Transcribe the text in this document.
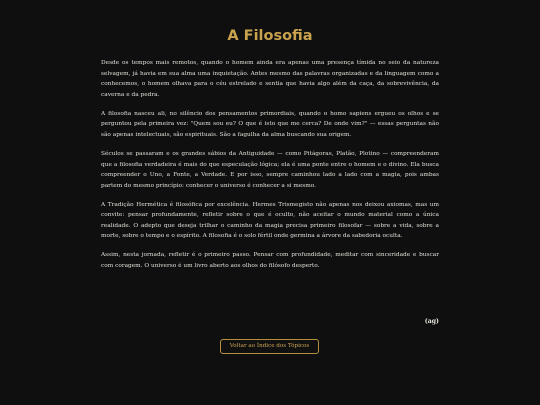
A Filosofia

Desde os tempos mais remotos, quando o homem ainda era apenas uma presença tímida no seio da natureza selvagem, já havia em sua alma uma inquietação. Antes mesmo das palavras organizadas e da linguagem como a conhecemos, o homem olhava para o céu estrelado e sentia que havia algo além da caça, da sobrevivência, da caverna e da pedra.

A filosofia nasceu ali, no silêncio dos pensamentos primordiais, quando o homo sapiens ergueu os olhos e se perguntou pela primeira vez: "Quem sou eu? O que é isto que me cerca? De onde vim?" — essas perguntas não são apenas intelectuais, são espirituais. São a fagulha da alma buscando sua origem.

Séculos se passaram e os grandes sábios da Antiguidade — como Pitágoras, Platão, Plotino — compreenderam que a filosofia verdadeira é mais do que especulação lógica; ela é uma ponte entre o homem e o divino. Ela busca compreender o Uno, a Fonte, a Verdade. E por isso, sempre caminhou lado a lado com a magia, pois ambas partem do mesmo princípio: conhecer o universo é conhecer a si mesmo.

A Tradição Hermética é filosófica por excelência. Hermes Trismegisto não apenas nos deixou axiomas, mas um convite: pensar profundamente, refletir sobre o que é oculto, não aceitar o mundo material como a única realidade. O adepto que deseja trilhar o caminho da magia precisa primeiro filosofar — sobre a vida, sobre a morte, sobre o tempo e o espírito. A filosofia é o solo fértil onde germina a árvore da sabedoria oculta.

Assim, nesta jornada, refletir é o primeiro passo. Pensar com profundidade, meditar com sinceridade e buscar com coragem. O universo é um livro aberto aos olhos do filósofo desperto.

(ag)
Voltar ao Índice dos Tópicos
